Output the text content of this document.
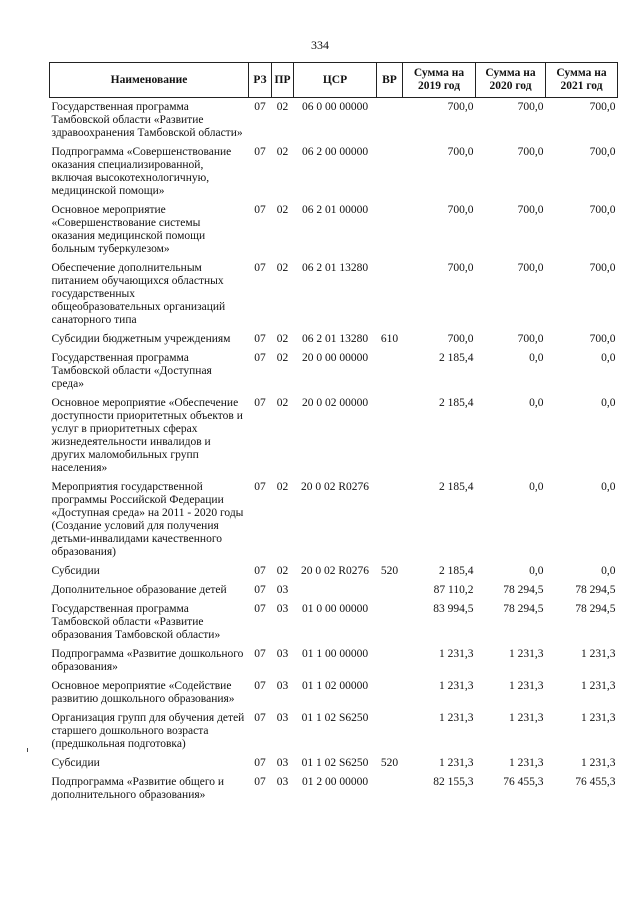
334
Наименование	РЗ	ПР	ЦСР	ВР	Сумма на 2019 год	Сумма на 2020 год	Сумма на 2021 год
Государственная программа Тамбовской области «Развитие здравоохранения Тамбовской области»	07	02	06 0 00 00000		700,0	700,0	700,0
Подпрограмма «Совершенствование оказания специализированной, включая высокотехнологичную, медицинской помощи»	07	02	06 2 00 00000		700,0	700,0	700,0
Основное мероприятие «Совершенствование системы оказания медицинской помощи больным туберкулезом»	07	02	06 2 01 00000		700,0	700,0	700,0
Обеспечение дополнительным питанием обучающихся областных государственных общеобразовательных организаций санаторного типа	07	02	06 2 01 13280		700,0	700,0	700,0
Субсидии бюджетным учреждениям	07	02	06 2 01 13280	610	700,0	700,0	700,0
Государственная программа Тамбовской области «Доступная среда»	07	02	20 0 00 00000		2 185,4	0,0	0,0
Основное мероприятие «Обеспечение доступности приоритетных объектов и услуг в приоритетных сферах жизнедеятельности инвалидов и других маломобильных групп населения»	07	02	20 0 02 00000		2 185,4	0,0	0,0
Мероприятия государственной программы Российской Федерации «Доступная среда» на 2011 - 2020 годы (Создание условий для получения детьми-инвалидами качественного образования)	07	02	20 0 02 R0276		2 185,4	0,0	0,0
Субсидии	07	02	20 0 02 R0276	520	2 185,4	0,0	0,0
Дополнительное образование детей	07	03			87 110,2	78 294,5	78 294,5
Государственная программа Тамбовской области «Развитие образования Тамбовской области»	07	03	01 0 00 00000		83 994,5	78 294,5	78 294,5
Подпрограмма «Развитие дошкольного образования»	07	03	01 1 00 00000		1 231,3	1 231,3	1 231,3
Основное мероприятие «Содействие развитию дошкольного образования»	07	03	01 1 02 00000		1 231,3	1 231,3	1 231,3
Организация групп для обучения детей старшего дошкольного возраста (предшкольная подготовка)	07	03	01 1 02 S6250		1 231,3	1 231,3	1 231,3
Субсидии	07	03	01 1 02 S6250	520	1 231,3	1 231,3	1 231,3
Подпрограмма «Развитие общего и дополнительного образования»	07	03	01 2 00 00000		82 155,3	76 455,3	76 455,3
